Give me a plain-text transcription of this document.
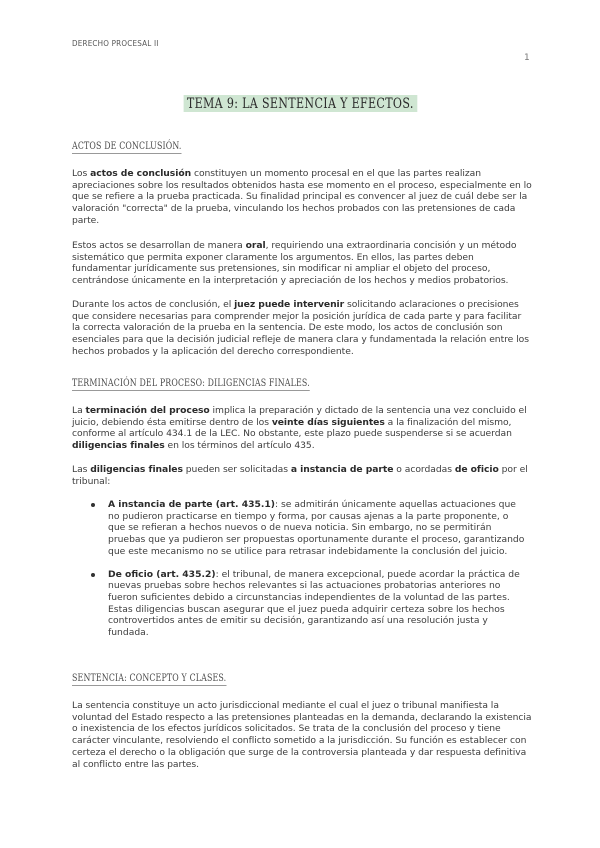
DERECHO PROCESAL II
1
TEMA 9: LA SENTENCIA Y EFECTOS.
ACTOS DE CONCLUSIÓN.
Los actos de conclusión constituyen un momento procesal en el que las partes realizan apreciaciones sobre los resultados obtenidos hasta ese momento en el proceso, especialmente en lo que se refiere a la prueba practicada. Su finalidad principal es convencer al juez de cuál debe ser la valoración "correcta" de la prueba, vinculando los hechos probados con las pretensiones de cada parte.
Estos actos se desarrollan de manera oral, requiriendo una extraordinaria concisión y un método sistemático que permita exponer claramente los argumentos. En ellos, las partes deben fundamentar jurídicamente sus pretensiones, sin modificar ni ampliar el objeto del proceso, centrándose únicamente en la interpretación y apreciación de los hechos y medios probatorios.
Durante los actos de conclusión, el juez puede intervenir solicitando aclaraciones o precisiones que considere necesarias para comprender mejor la posición jurídica de cada parte y para facilitar la correcta valoración de la prueba en la sentencia. De este modo, los actos de conclusión son esenciales para que la decisión judicial refleje de manera clara y fundamentada la relación entre los hechos probados y la aplicación del derecho correspondiente.
TERMINACIÓN DEL PROCESO: DILIGENCIAS FINALES.
La terminación del proceso implica la preparación y dictado de la sentencia una vez concluido el juicio, debiendo ésta emitirse dentro de los veinte días siguientes a la finalización del mismo, conforme al artículo 434.1 de la LEC. No obstante, este plazo puede suspenderse si se acuerdan diligencias finales en los términos del artículo 435.
Las diligencias finales pueden ser solicitadas a instancia de parte o acordadas de oficio por el tribunal:
A instancia de parte (art. 435.1): se admitirán únicamente aquellas actuaciones que no pudieron practicarse en tiempo y forma, por causas ajenas a la parte proponente, o que se refieran a hechos nuevos o de nueva noticia. Sin embargo, no se permitirán pruebas que ya pudieron ser propuestas oportunamente durante el proceso, garantizando que este mecanismo no se utilice para retrasar indebidamente la conclusión del juicio.
De oficio (art. 435.2): el tribunal, de manera excepcional, puede acordar la práctica de nuevas pruebas sobre hechos relevantes si las actuaciones probatorias anteriores no fueron suficientes debido a circunstancias independientes de la voluntad de las partes. Estas diligencias buscan asegurar que el juez pueda adquirir certeza sobre los hechos controvertidos antes de emitir su decisión, garantizando así una resolución justa y fundada.
SENTENCIA: CONCEPTO Y CLASES.
La sentencia constituye un acto jurisdiccional mediante el cual el juez o tribunal manifiesta la voluntad del Estado respecto a las pretensiones planteadas en la demanda, declarando la existencia o inexistencia de los efectos jurídicos solicitados. Se trata de la conclusión del proceso y tiene carácter vinculante, resolviendo el conflicto sometido a la jurisdicción. Su función es establecer con certeza el derecho o la obligación que surge de la controversia planteada y dar respuesta definitiva al conflicto entre las partes.
